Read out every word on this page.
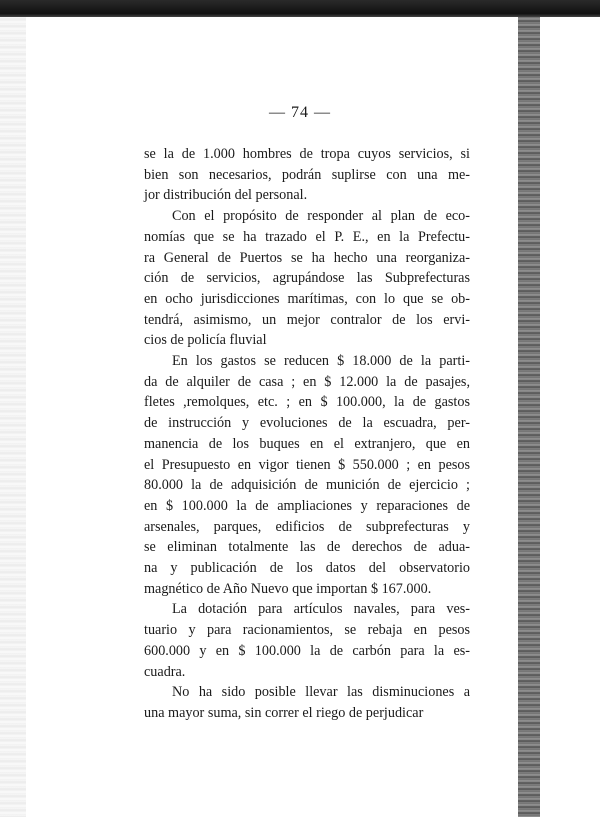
— 74 —
se la de 1.000 hombres de tropa cuyos servicios, si
bien son necesarios, podrán suplirse con una me-
jor distribución del personal.
Con el propósito de responder al plan de eco-
nomías que se ha trazado el P. E., en la Prefectu-
ra General de Puertos se ha hecho una reorganiza-
ción de servicios, agrupándose las Subprefecturas
en ocho jurisdicciones marítimas, con lo que se ob-
tendrá, asimismo, un mejor contralor de los ervi-
cios de policía fluvial
En los gastos se reducen $ 18.000 de la parti-
da de alquiler de casa ; en $ 12.000 la de pasajes,
fletes ,remolques, etc. ; en $ 100.000, la de gastos
de instrucción y evoluciones de la escuadra, per-
manencia de los buques en el extranjero, que en
el Presupuesto en vigor tienen $ 550.000 ; en pesos
80.000 la de adquisición de munición de ejercicio ;
en $ 100.000 la de ampliaciones y reparaciones de
arsenales, parques, edificios de subprefecturas y
se eliminan totalmente las de derechos de adua-
na y publicación de los datos del observatorio
magnético de Año Nuevo que importan $ 167.000.
La dotación para artículos navales, para ves-
tuario y para racionamientos, se rebaja en pesos
600.000 y en $ 100.000 la de carbón para la es-
cuadra.
No ha sido posible llevar las disminuciones a
una mayor suma, sin correr el riego de perjudicar
